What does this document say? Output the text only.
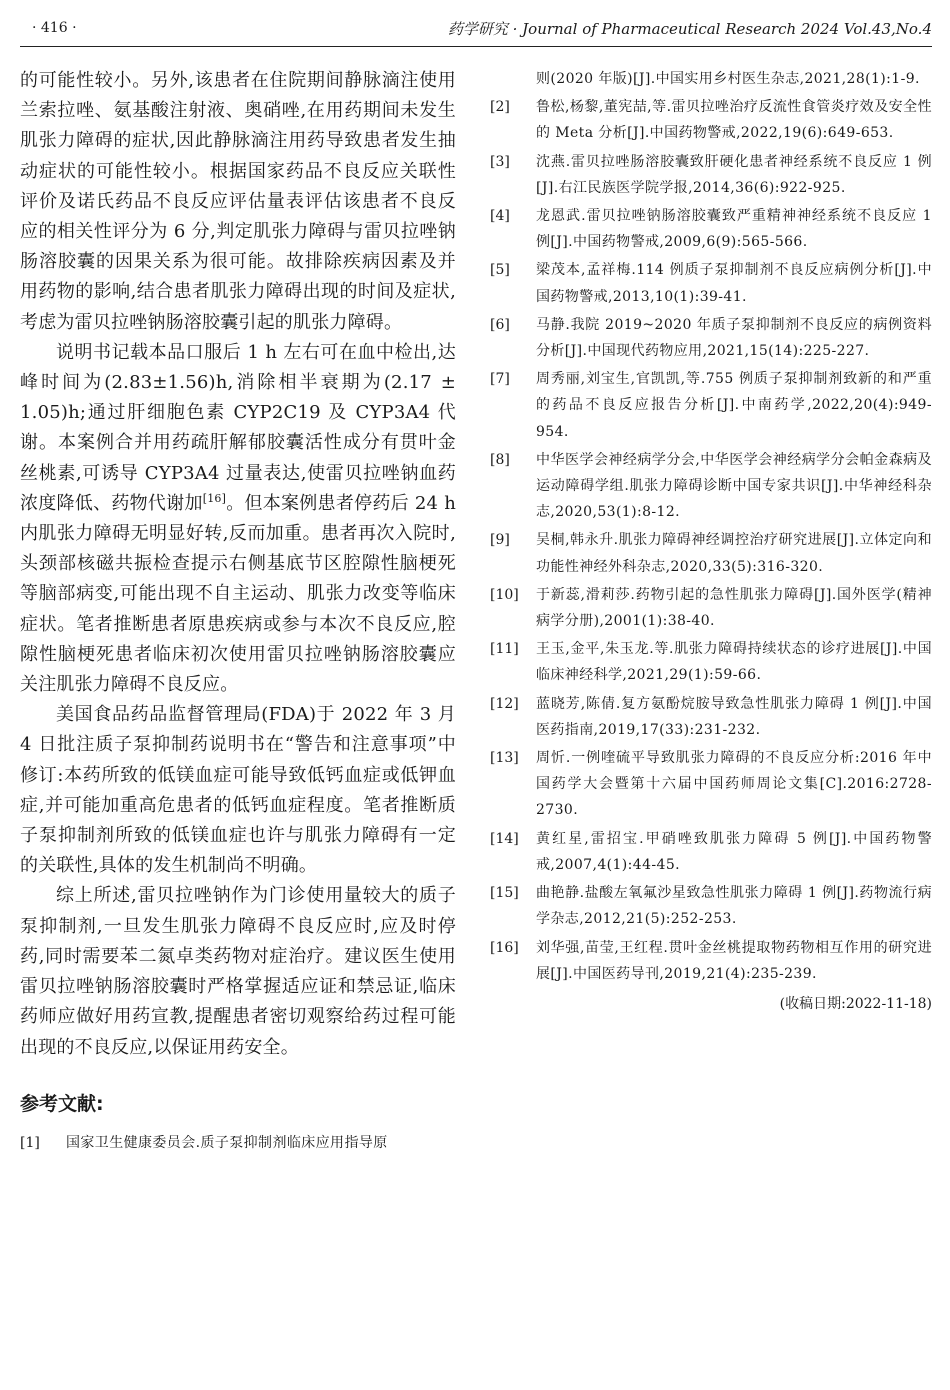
· 416 ·	药学研究 · Journal of Pharmaceutical Research 2024 Vol.43,No.4

的可能性较小。另外,该患者在住院期间静脉滴注使用兰索拉唑、氨基酸注射液、奥硝唑,在用药期间未发生肌张力障碍的症状,因此静脉滴注用药导致患者发生抽动症状的可能性较小。根据国家药品不良反应关联性评价及诺氏药品不良反应评估量表评估该患者不良反应的相关性评分为 6 分,判定肌张力障碍与雷贝拉唑钠肠溶胶囊的因果关系为很可能。故排除疾病因素及并用药物的影响,结合患者肌张力障碍出现的时间及症状,考虑为雷贝拉唑钠肠溶胶囊引起的肌张力障碍。

说明书记载本品口服后 1 h 左右可在血中检出,达峰时间为(2.83±1.56)h,消除相半衰期为(2.17 ± 1.05)h;通过肝细胞色素 CYP2C19 及 CYP3A4 代谢。本案例合并用药疏肝解郁胶囊活性成分有贯叶金丝桃素,可诱导 CYP3A4 过量表达,使雷贝拉唑钠血药浓度降低、药物代谢加[16]。但本案例患者停药后 24 h 内肌张力障碍无明显好转,反而加重。患者再次入院时,头颈部核磁共振检查提示右侧基底节区腔隙性脑梗死等脑部病变,可能出现不自主运动、肌张力改变等临床症状。笔者推断患者原患疾病或参与本次不良反应,腔隙性脑梗死患者临床初次使用雷贝拉唑钠肠溶胶囊应关注肌张力障碍不良反应。

美国食品药品监督管理局(FDA)于 2022 年 3 月 4 日批注质子泵抑制药说明书在“警告和注意事项”中修订:本药所致的低镁血症可能导致低钙血症或低钾血症,并可能加重高危患者的低钙血症程度。笔者推断质子泵抑制剂所致的低镁血症也许与肌张力障碍有一定的关联性,具体的发生机制尚不明确。

综上所述,雷贝拉唑钠作为门诊使用量较大的质子泵抑制剂,一旦发生肌张力障碍不良反应时,应及时停药,同时需要苯二氮卓类药物对症治疗。建议医生使用雷贝拉唑钠肠溶胶囊时严格掌握适应证和禁忌证,临床药师应做好用药宣教,提醒患者密切观察给药过程可能出现的不良反应,以保证用药安全。

参考文献:
[1]	国家卫生健康委员会.质子泵抑制剂临床应用指导原
则(2020 年版)[J].中国实用乡村医生杂志,2021,28(1):1-9.
[2]	鲁松,杨黎,董宪喆,等.雷贝拉唑治疗反流性食管炎疗效及安全性的 Meta 分析[J].中国药物警戒,2022,19(6):649-653.
[3]	沈燕.雷贝拉唑肠溶胶囊致肝硬化患者神经系统不良反应 1 例[J].右江民族医学院学报,2014,36(6):922-925.
[4]	龙恩武.雷贝拉唑钠肠溶胶囊致严重精神神经系统不良反应 1 例[J].中国药物警戒,2009,6(9):565-566.
[5]	梁茂本,孟祥梅.114 例质子泵抑制剂不良反应病例分析[J].中国药物警戒,2013,10(1):39-41.
[6]	马静.我院 2019~2020 年质子泵抑制剂不良反应的病例资料分析[J].中国现代药物应用,2021,15(14):225-227.
[7]	周秀丽,刘宝生,官凯凯,等.755 例质子泵抑制剂致新的和严重的药品不良反应报告分析[J].中南药学,2022,20(4):949-954.
[8]	中华医学会神经病学分会,中华医学会神经病学分会帕金森病及运动障碍学组.肌张力障碍诊断中国专家共识[J].中华神经科杂志,2020,53(1):8-12.
[9]	吴桐,韩永升.肌张力障碍神经调控治疗研究进展[J].立体定向和功能性神经外科杂志,2020,33(5):316-320.
[10]	于新蕊,滑莉莎.药物引起的急性肌张力障碍[J].国外医学(精神病学分册),2001(1):38-40.
[11]	王玉,金平,朱玉龙.等.肌张力障碍持续状态的诊疗进展[J].中国临床神经科学,2021,29(1):59-66.
[12]	蓝晓芳,陈倩.复方氨酚烷胺导致急性肌张力障碍 1 例[J].中国医药指南,2019,17(33):231-232.
[13]	周忻.一例喹硫平导致肌张力障碍的不良反应分析:2016 年中国药学大会暨第十六届中国药师周论文集[C].2016:2728-2730.
[14]	黄红星,雷招宝.甲硝唑致肌张力障碍 5 例[J].中国药物警戒,2007,4(1):44-45.
[15]	曲艳静.盐酸左氧氟沙星致急性肌张力障碍 1 例[J].药物流行病学杂志,2012,21(5):252-253.
[16]	刘华强,苗莹,王红程.贯叶金丝桃提取物药物相互作用的研究进展[J].中国医药导刊,2019,21(4):235-239.
(收稿日期:2022-11-18)
